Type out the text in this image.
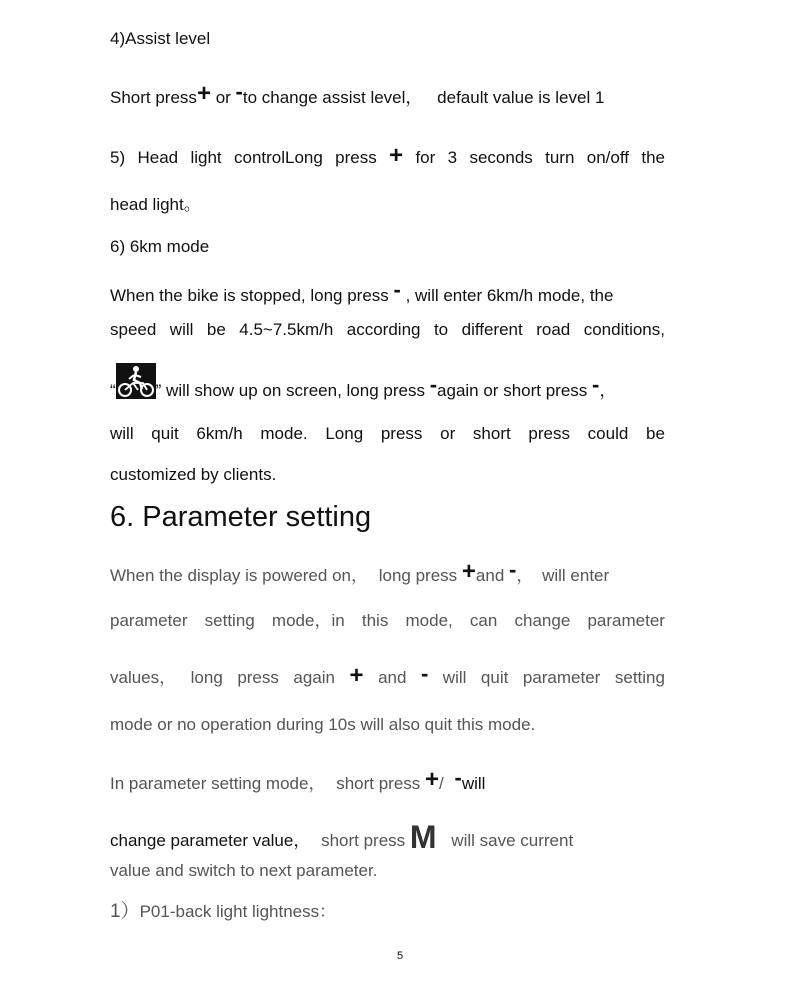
4)Assist level
Short press+ or -to change assist level， default value is level 1
5) Head light controlLong press + for 3 seconds turn on/off the
head light。
6) 6km mode
When the bike is stopped, long press - , will enter 6km/h mode, the
speed will be 4.5~7.5km/h according to different road conditions,
“ ” will show up on screen, long press -again or short press -，
will quit 6km/h mode. Long press or short press could be
customized by clients.
6. Parameter setting
When the display is powered on， long press +and -， will enter
parameter setting mode，in this mode, can change parameter
values， long press again + and - will quit parameter setting
mode or no operation during 10s will also quit this mode.
In parameter setting mode， short press +/ -will
change parameter value， short press M will save current
value and switch to next parameter.
1）P01-back light lightness：
5
